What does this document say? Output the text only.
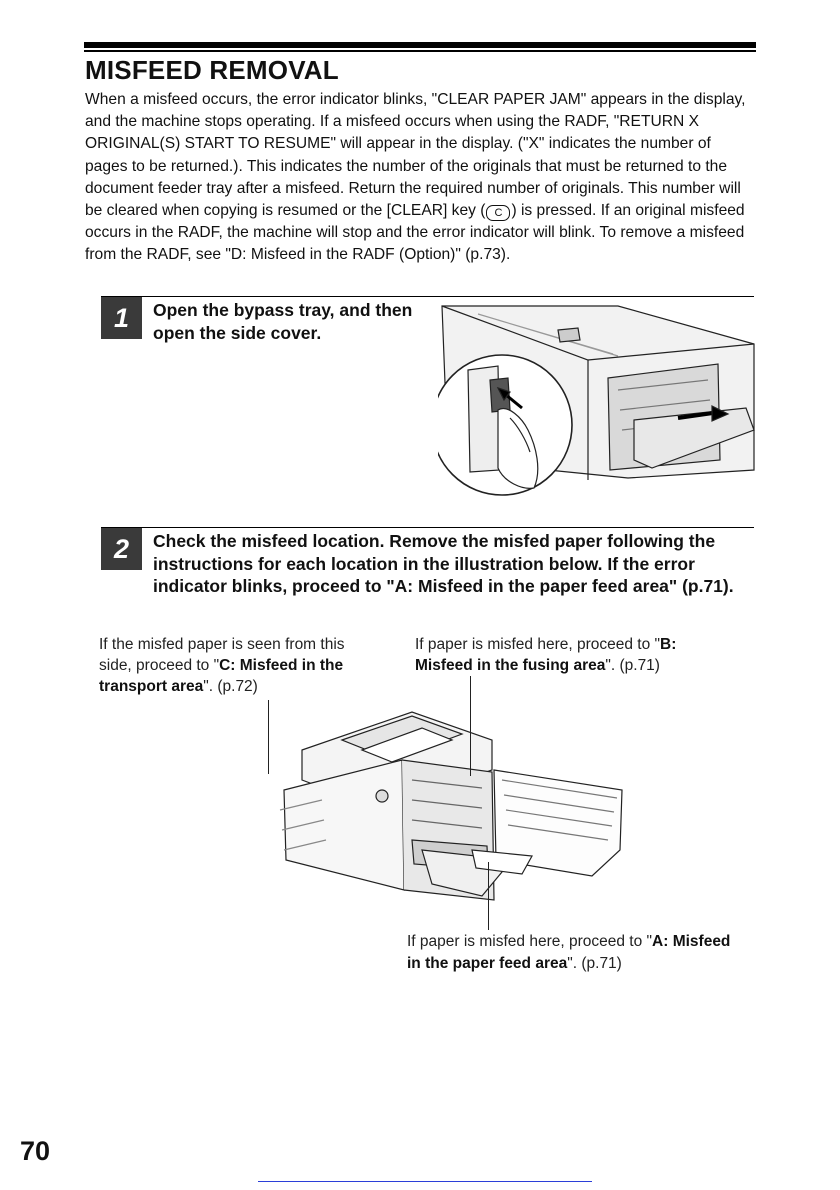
MISFEED REMOVAL

When a misfeed occurs, the error indicator blinks, "CLEAR PAPER JAM" appears in the display, and the machine stops operating. If a misfeed occurs when using the RADF, "RETURN X ORIGINAL(S) START TO RESUME" will appear in the display. ("X" indicates the number of pages to be returned.). This indicates the number of the originals that must be returned to the document feeder tray after a misfeed. Return the required number of originals. This number will be cleared when copying is resumed or the [CLEAR] key ( C ) is pressed. If an original misfeed occurs in the RADF, the machine will stop and the error indicator will blink. To remove a misfeed from the RADF, see "D: Misfeed in the RADF (Option)" (p.73).

1	Open the bypass tray, and then open the side cover.

2	Check the misfeed location. Remove the misfed paper following the instructions for each location in the illustration below. If the error indicator blinks, proceed to "A: Misfeed in the paper feed area" (p.71).

If the misfed paper is seen from this side, proceed to "C: Misfeed in the transport area". (p.72)

If paper is misfed here, proceed to "B: Misfeed in the fusing area". (p.71)

If paper is misfed here, proceed to "A: Misfeed in the paper feed area". (p.71)

70
